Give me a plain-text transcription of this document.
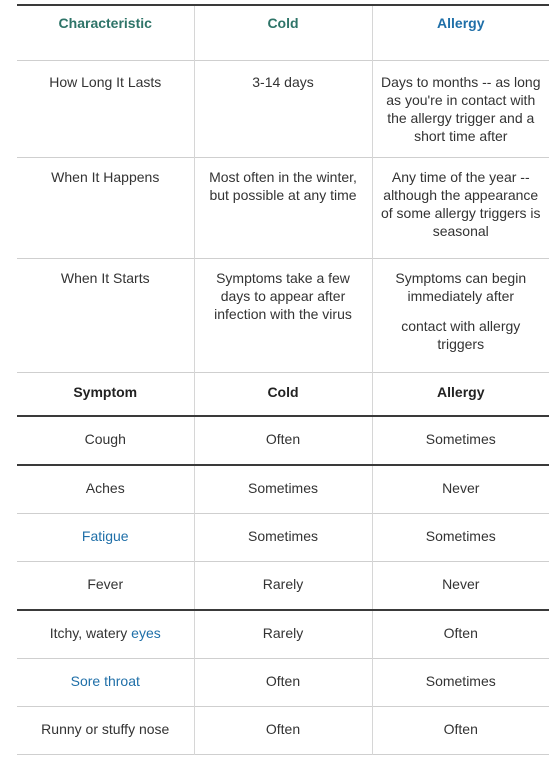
Characteristic	Cold	Allergy
How Long It Lasts	3-14 days	Days to months -- as long as you're in contact with the allergy trigger and a short time after

When It Happens	Most often in the winter, but possible at any time	Any time of the year -- although the appearance of some allergy triggers is seasonal

When It Starts	Symptoms take a few days to appear after infection with the virus	Symptoms can begin immediately after
contact with allergy triggers

Symptom	Cold	Allergy
Cough	Often	Sometimes
Aches	Sometimes	Never
Fatigue	Sometimes	Sometimes
Fever	Rarely	Never
Itchy, watery eyes	Rarely	Often
Sore throat	Often	Sometimes
Runny or stuffy nose	Often	Often
